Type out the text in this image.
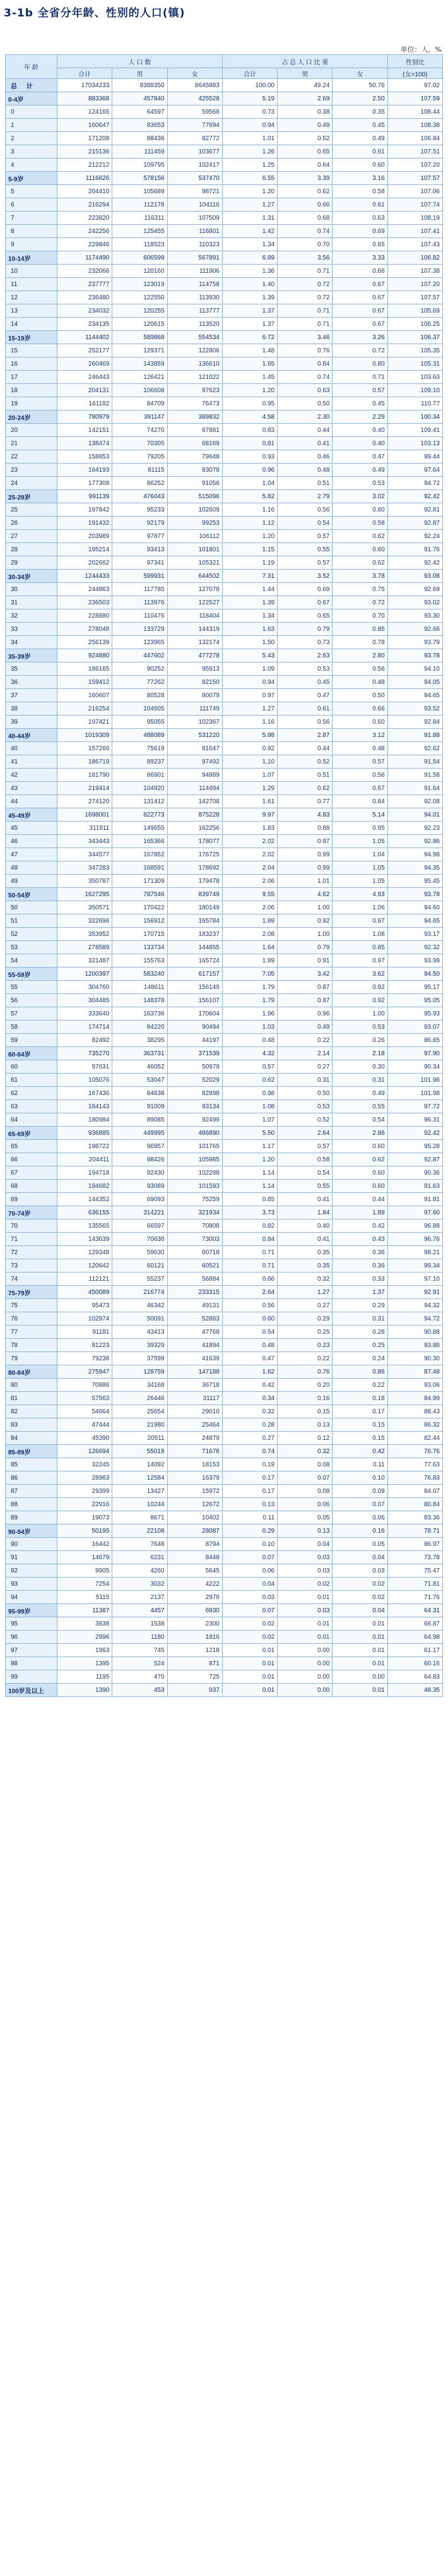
3-1b 全省分年龄、性别的人口(镇)
单位：人，%
年 龄	人 口 数			占 总 人 口 比 重			性别比
	合计	男	女	合计	男	女	(女=100)
总 计	17034233	8388350	8645883	100.00	49.24	50.76	97.02
0-4岁	883368	457840	425528	5.19	2.69	2.50	107.59
0	124165	64597	59568	0.73	0.38	0.35	108.44
1	160647	83653	77694	0.94	0.49	0.45	108.38
2	171208	88436	82772	1.01	0.52	0.49	106.84
3	215136	111459	103677	1.26	0.65	0.61	107.51
4	212212	109795	102417	1.25	0.64	0.60	107.20
5-9岁	1116626	578156	537470	6.55	3.39	3.16	107.57
5	204410	105689	98721	1.20	0.62	0.58	107.06
6	216294	112178	104116	1.27	0.66	0.61	107.74
7	223820	116311	107509	1.31	0.68	0.63	108.19
8	242256	125455	116801	1.42	0.74	0.69	107.41
9	229846	118523	110323	1.34	0.70	0.65	107.43
10-14岁	1174490	606599	567891	6.89	3.56	3.33	106.82
10	232066	120160	111906	1.36	0.71	0.66	107.38
11	237777	123019	114758	1.40	0.72	0.67	107.20
12	236480	122550	113930	1.39	0.72	0.67	107.57
13	234032	120255	113777	1.37	0.71	0.67	105.69
14	234135	120615	113520	1.37	0.71	0.67	106.25
15-19岁	1144402	589868	554534	6.72	3.46	3.26	106.37
15	252177	129371	122806	1.48	0.76	0.72	105.35
16	260469	143859	136610	1.65	0.84	0.80	105.31
17	246443	126421	121022	1.45	0.74	0.71	103.63
18	204131	106608	97623	1.20	0.63	0.57	109.10
19	161182	84709	76473	0.95	0.50	0.45	110.77
20-24岁	780979	391147	389832	4.58	2.30	2.29	100.34
20	142151	74270	67881	0.83	0.44	0.40	109.41
21	138474	70305	68169	0.81	0.41	0.40	103.13
22	158853	79205	79648	0.93	0.46	0.47	99.44
23	164193	81115	83078	0.96	0.48	0.49	97.64
24	177308	86252	91056	1.04	0.51	0.53	94.72
25-29岁	991139	476043	515096	5.82	2.79	3.02	92.42
25	197842	95233	102609	1.16	0.56	0.60	92.81
26	191432	92179	99253	1.12	0.54	0.58	92.87
27	203989	97877	106112	1.20	0.57	0.62	92.24
28	195214	93413	101801	1.15	0.55	0.60	91.76
29	202662	97341	105321	1.19	0.57	0.62	92.42
30-34岁	1244433	599931	644502	7.31	3.52	3.78	93.08
30	244863	117785	127078	1.44	0.69	0.75	92.69
31	236503	113976	122527	1.39	0.67	0.72	93.02
32	228880	110476	118404	1.34	0.65	0.70	93.30
33	278048	133729	144319	1.63	0.79	0.85	92.66
34	256139	123965	132174	1.50	0.73	0.78	93.79
35-39岁	924880	447602	477278	5.43	2.63	2.80	93.78
35	186165	90252	95913	1.09	0.53	0.56	94.10
36	159412	77262	82150	0.94	0.45	0.48	94.05
37	160607	80528	80079	0.97	0.47	0.50	94.65
38	216254	104605	111749	1.27	0.61	0.66	93.52
39	197421	95055	102367	1.16	0.56	0.60	92.84
40-44岁	1019309	488089	531220	5.98	2.87	3.12	91.88
40	157266	75619	81647	0.92	0.44	0.48	92.62
41	186719	89237	97492	1.10	0.52	0.57	91.54
42	181790	86901	94889	1.07	0.51	0.56	91.58
43	219414	104920	114494	1.29	0.62	0.67	91.64
44	274120	131412	142708	1.61	0.77	0.84	92.08
45-49岁	1698001	822773	875228	9.97	4.83	5.14	94.01
45	311911	149655	162256	1.83	0.88	0.95	92.23
46	343443	165366	178077	2.02	0.97	1.05	92.86
47	344577	167852	176725	2.02	0.99	1.04	94.98
48	347283	168591	178692	2.04	0.99	1.05	94.35
49	350787	171309	179478	2.06	1.01	1.05	95.45
50-54岁	1627295	787546	839749	9.55	4.62	4.93	93.78
50	350571	170422	180149	2.06	1.00	1.06	94.60
51	322696	156912	165784	1.89	0.92	0.97	94.65
52	353952	170715	183237	2.08	1.00	1.08	93.17
53	278589	133734	144855	1.64	0.79	0.85	92.32
54	321487	155763	165724	1.89	0.91	0.97	93.99
55-59岁	1200397	583240	617157	7.05	3.42	3.62	94.50
55	304760	148611	156149	1.79	0.87	0.92	95.17
56	304485	148378	156107	1.79	0.87	0.92	95.05
57	333640	163736	170604	1.96	0.96	1.00	95.93
58	174714	84220	90494	1.03	0.49	0.53	93.07
59	82492	38295	44197	0.48	0.22	0.26	86.65
60-64岁	735270	363731	371539	4.32	2.14	2.18	97.90
60	97631	46052	50979	0.57	0.27	0.30	90.34
61	105076	53047	52029	0.62	0.31	0.31	101.96
62	167436	84638	82898	0.98	0.50	0.49	101.98
63	184143	91009	93134	1.08	0.53	0.55	97.72
64	180984	89085	92499	1.07	0.52	0.54	96.31
65-69岁	936885	449995	486890	5.50	2.64	2.86	92.42
65	198722	96957	101765	1.17	0.57	0.60	95.28
66	204411	98426	105985	1.20	0.58	0.62	92.87
67	194718	92430	102288	1.14	0.54	0.60	90.36
68	194682	93089	101593	1.14	0.55	0.60	91.63
69	144352	69093	75259	0.85	0.41	0.44	91.81
70-74岁	636155	314221	321934	3.73	1.84	1.89	97.60
70	135565	66597	70808	0.82	0.40	0.42	96.88
71	143639	70636	73003	0.84	0.41	0.43	96.76
72	129348	59630	60718	0.71	0.35	0.36	98.21
73	120642	60121	60521	0.71	0.35	0.36	99.34
74	112121	55237	56884	0.66	0.32	0.33	97.10
75-79岁	450089	216774	233315	2.64	1.27	1.37	92.91
75	95473	46342	49131	0.56	0.27	0.29	94.32
76	102974	50091	52883	0.60	0.29	0.31	94.72
77	91181	43413	47768	0.54	0.25	0.28	90.88
78	81223	39329	41894	0.48	0.23	0.25	93.88
79	79238	37599	41639	0.47	0.22	0.24	90.30
80-84岁	275947	128759	147188	1.62	0.76	0.86	87.48
80	70886	34168	36718	0.42	0.20	0.22	93.06
81	57563	26446	31117	0.34	0.16	0.18	84.99
82	54664	25654	29010	0.32	0.15	0.17	88.43
83	47444	21980	25464	0.28	0.13	0.15	86.32
84	45390	20511	24879	0.27	0.12	0.15	82.44
85-89岁	126694	55018	71676	0.74	0.32	0.42	76.76
85	32245	14092	18153	0.19	0.08	0.11	77.63
86	28963	12584	16379	0.17	0.07	0.10	76.83
87	29399	13427	15972	0.17	0.08	0.09	84.07
88	22916	10244	12672	0.13	0.06	0.07	80.84
89	19073	8671	10402	0.11	0.05	0.06	83.36
90-94岁	50195	22108	28087	0.29	0.13	0.16	78.71
90	16442	7648	8794	0.10	0.04	0.05	86.97
91	14679	6231	8448	0.07	0.03	0.04	73.78
92	9905	4260	5645	0.06	0.03	0.03	75.47
93	7254	3032	4222	0.04	0.02	0.02	71.81
94	5115	2137	2978	0.03	0.01	0.02	71.76
95-99岁	11387	4457	6930	0.07	0.03	0.04	64.31
95	3838	1538	2300	0.02	0.01	0.01	66.87
96	2996	1180	1816	0.02	0.01	0.01	64.98
97	1963	745	1218	0.01	0.00	0.01	61.17
98	1395	524	871	0.01	0.00	0.01	60.16
99	1195	470	725	0.01	0.00	0.00	64.83
100岁及以上	1390	453	937	0.01	0.00	0.01	48.35
